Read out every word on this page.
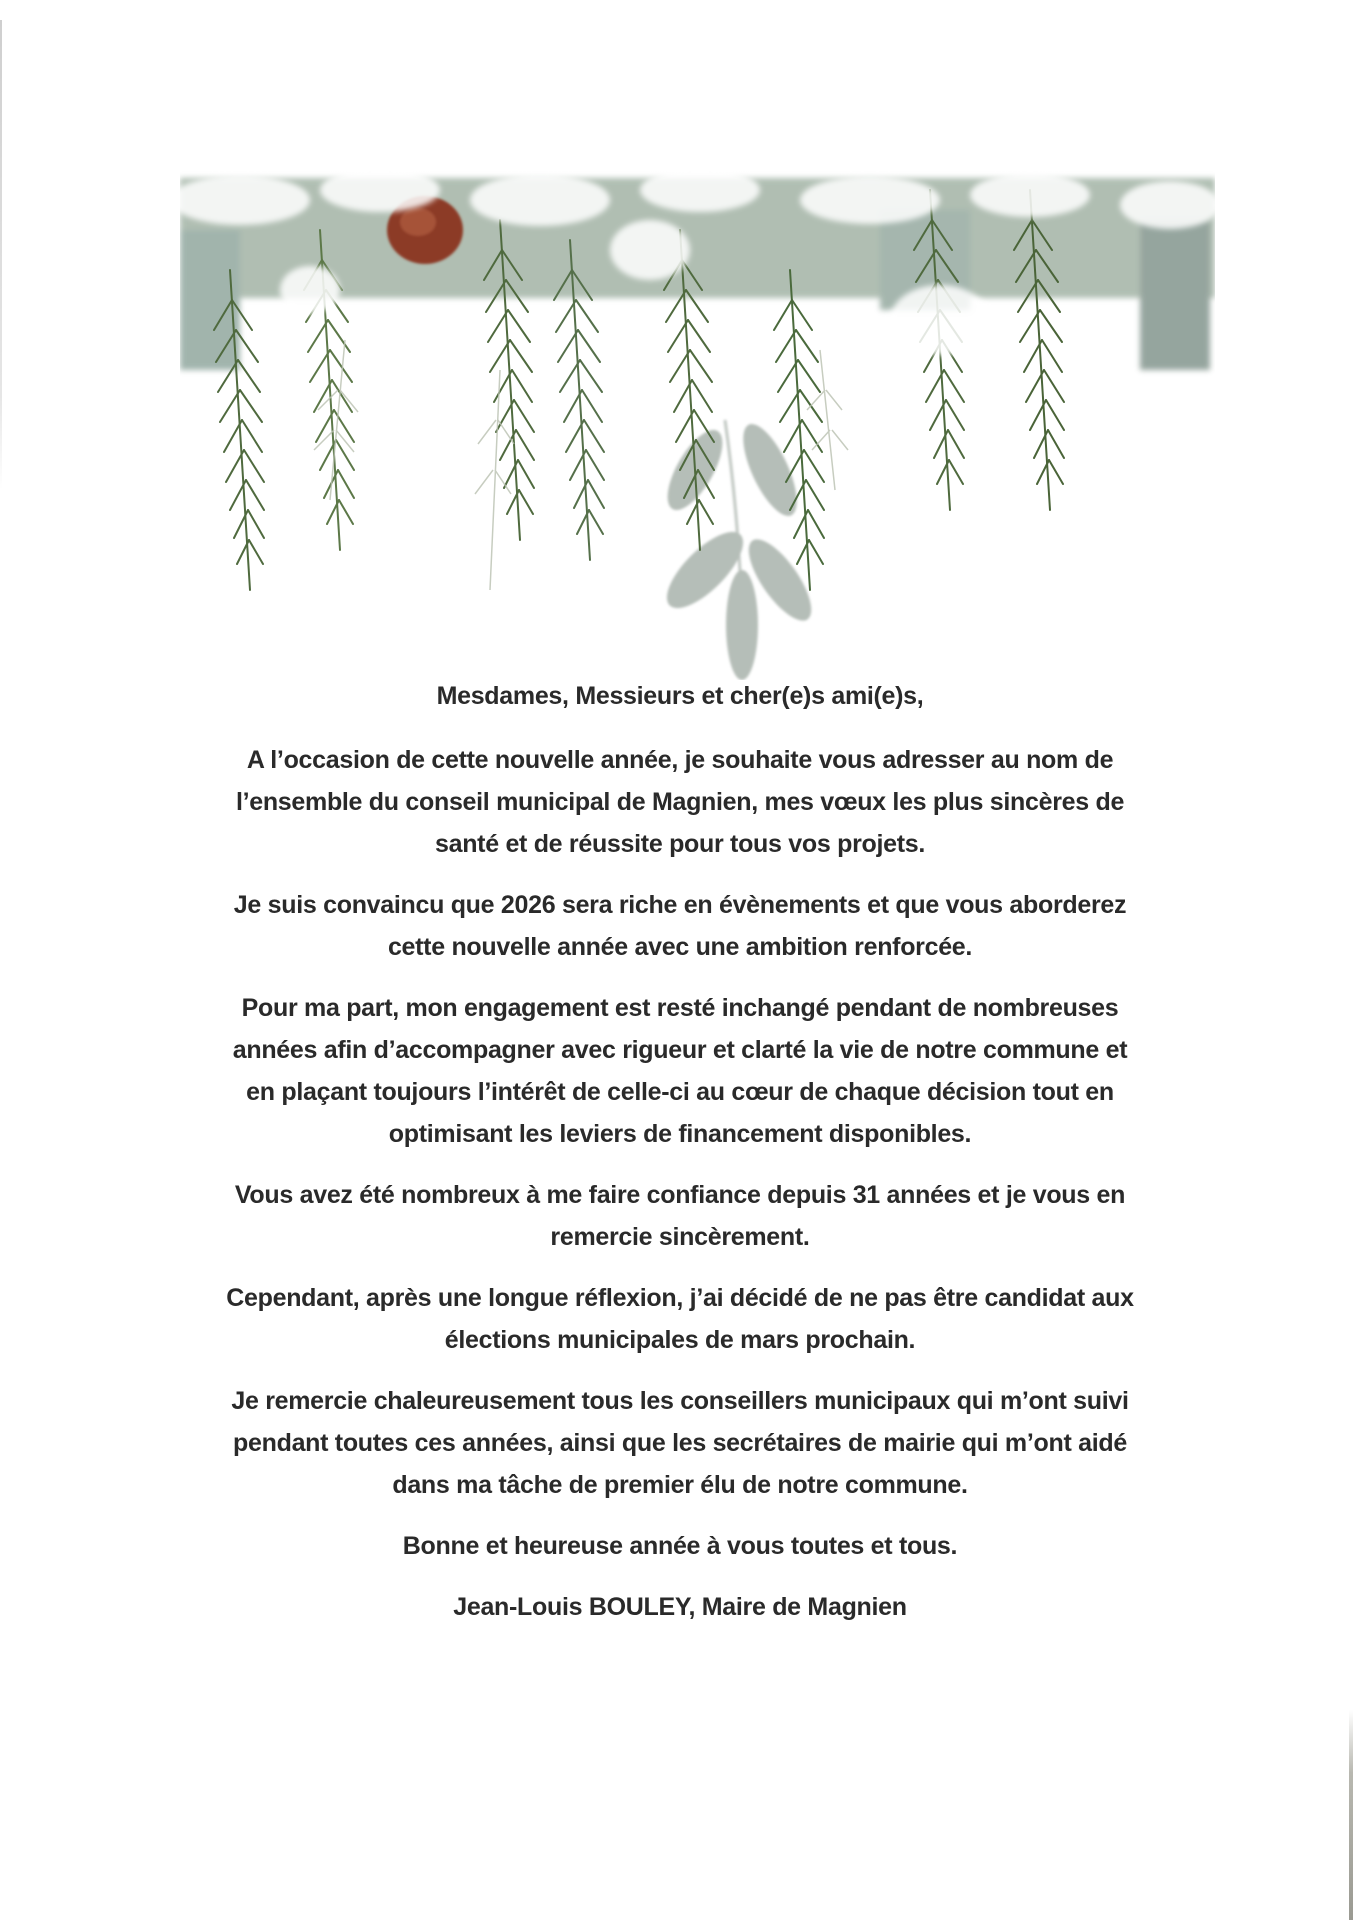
Mesdames, Messieurs et cher(e)s ami(e)s,

A l’occasion de cette nouvelle année, je souhaite vous adresser au nom de
l’ensemble du conseil municipal de Magnien, mes vœux les plus sincères de
santé et de réussite pour tous vos projets.

Je suis convaincu que 2026 sera riche en évènements et que vous aborderez
cette nouvelle année avec une ambition renforcée.

Pour ma part, mon engagement est resté inchangé pendant de nombreuses
années afin d’accompagner avec rigueur et clarté la vie de notre commune et
en plaçant toujours l’intérêt de celle-ci au cœur de chaque décision tout en
optimisant les leviers de financement disponibles.

Vous avez été nombreux à me faire confiance depuis 31 années et je vous en
remercie sincèrement.

Cependant, après une longue réflexion, j’ai décidé de ne pas être candidat aux
élections municipales de mars prochain.

Je remercie chaleureusement tous les conseillers municipaux qui m’ont suivi
pendant toutes ces années, ainsi que les secrétaires de mairie qui m’ont aidé
dans ma tâche de premier élu de notre commune.

Bonne et heureuse année à vous toutes et tous.

Jean-Louis BOULEY, Maire de Magnien
